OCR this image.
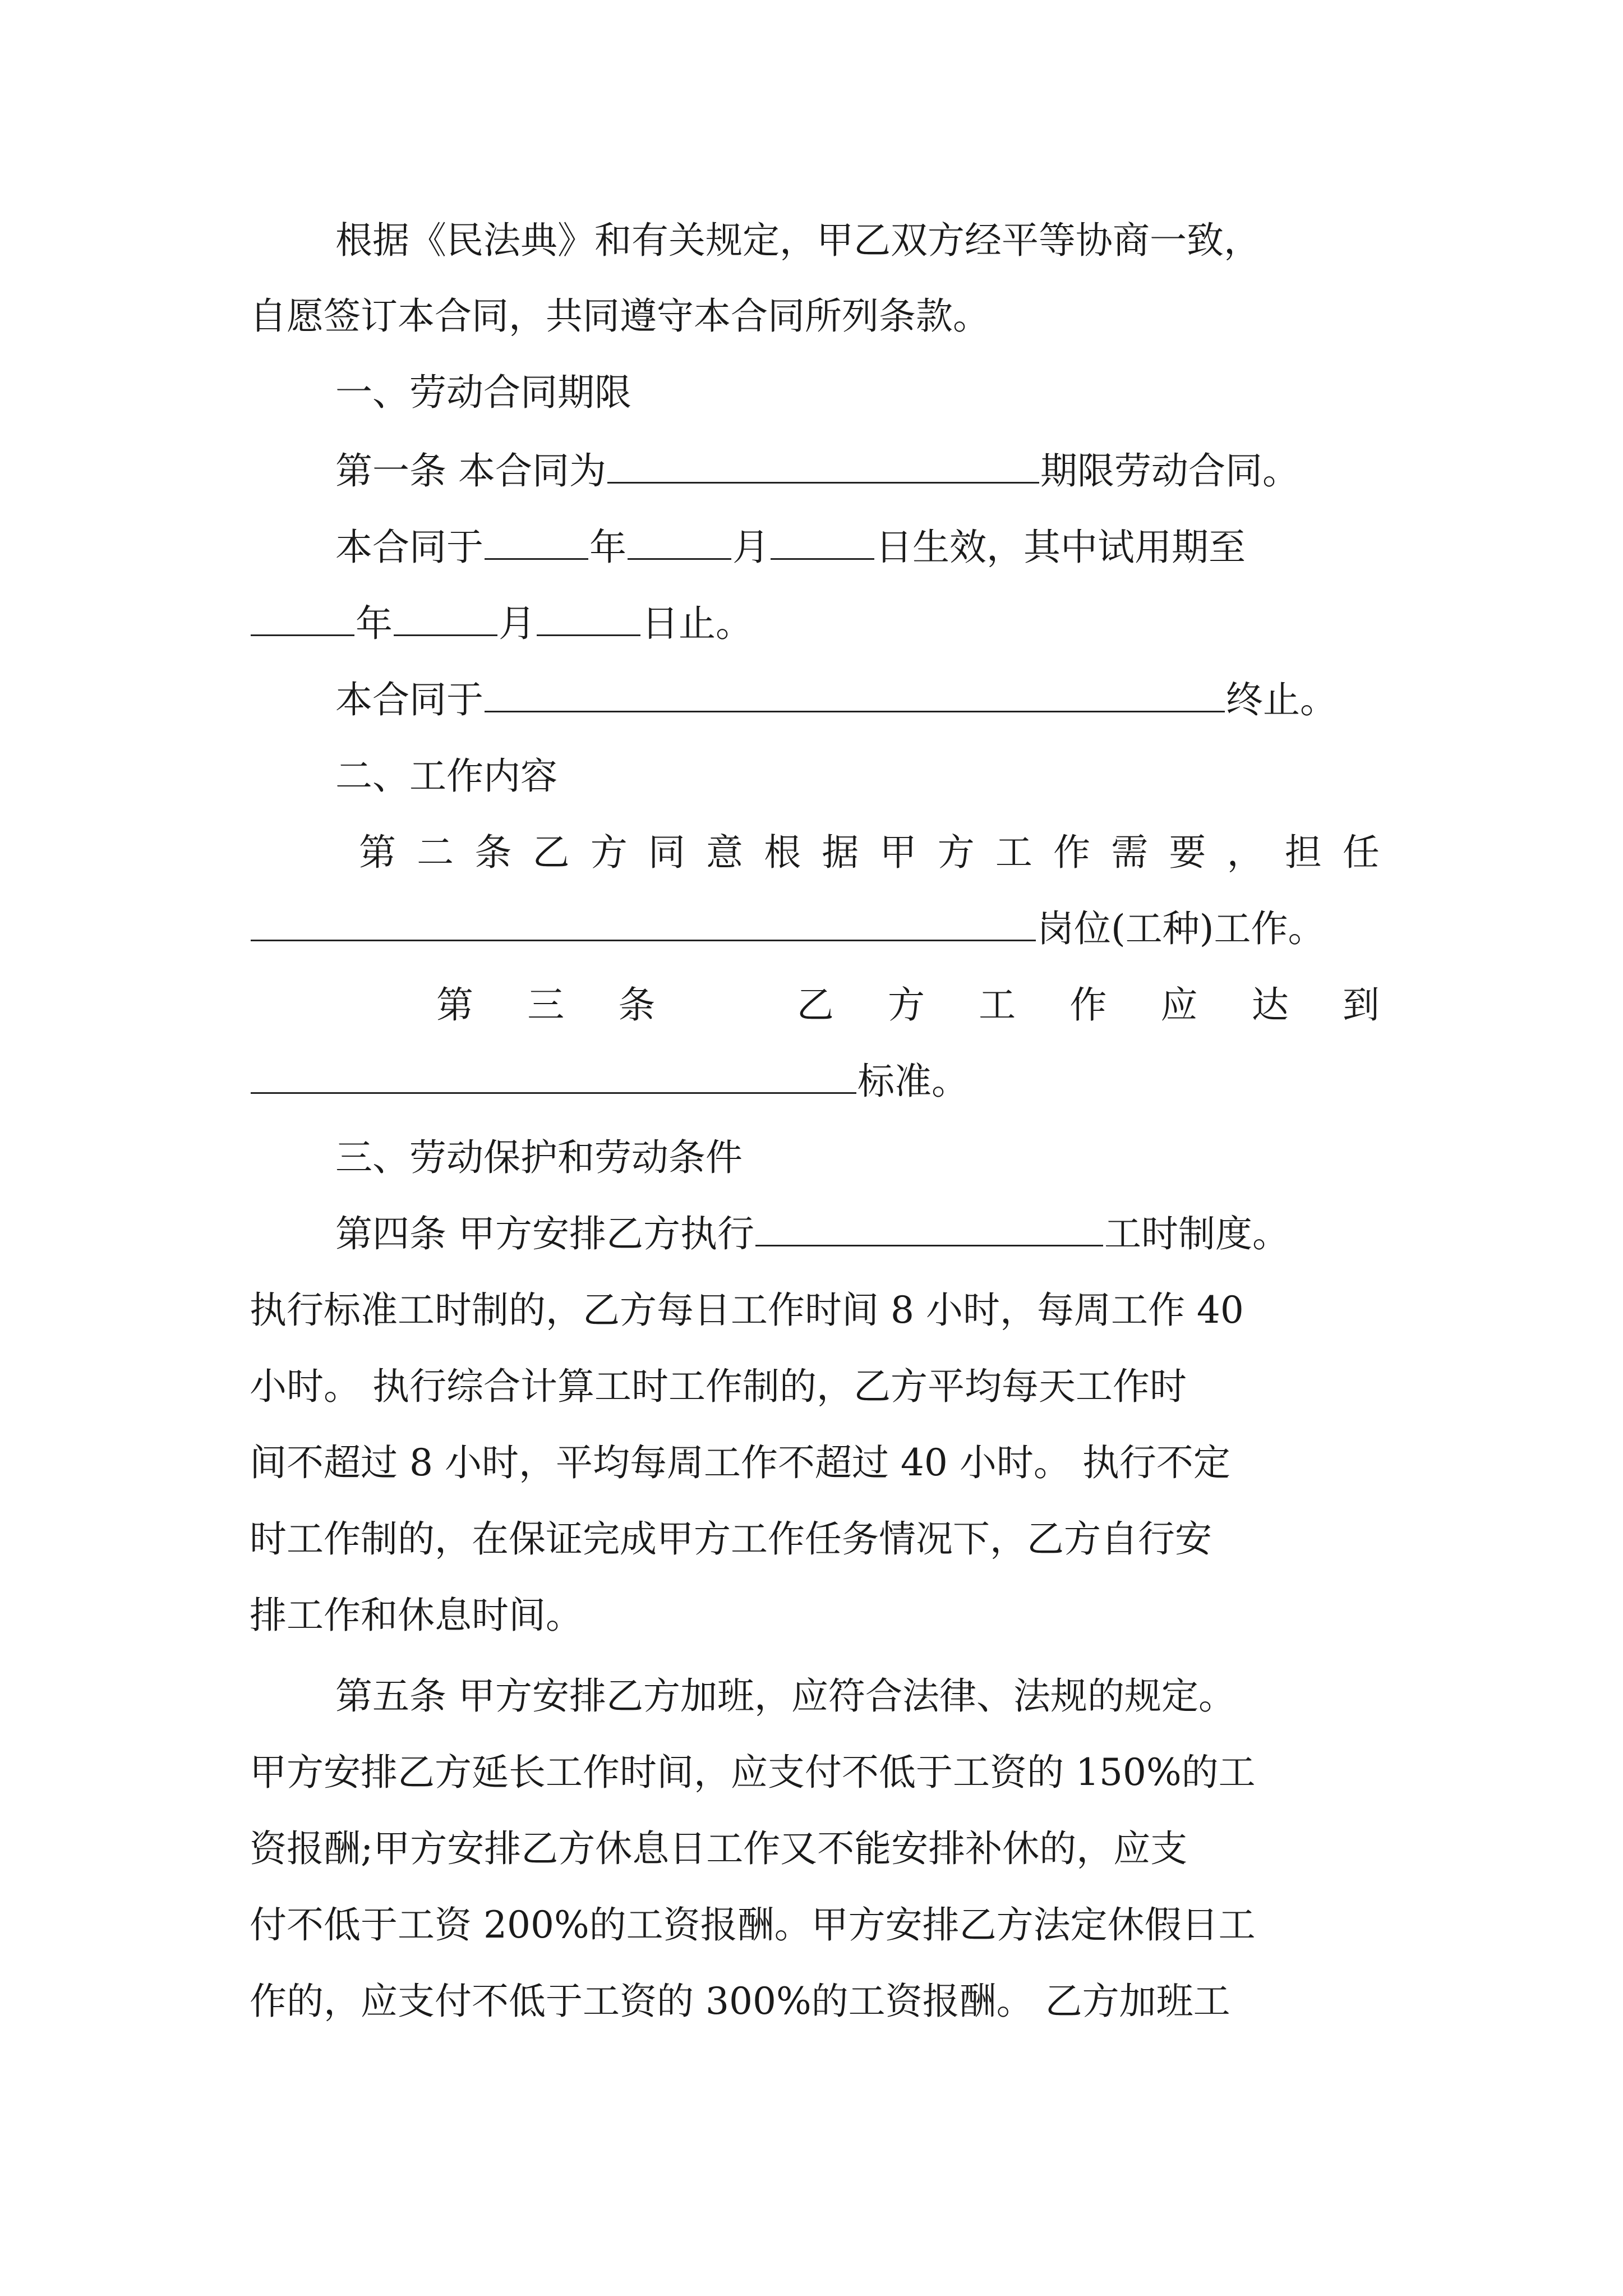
根据《民法典》和有关规定，甲乙双方经平等协商一致，
自愿签订本合同，共同遵守本合同所列条款。
一、劳动合同期限
第一条 本合同为	期限劳动合同。
本合同于	年	月	日生效，其中试用期至
年	月	日止。
本合同于	终止。
二、工作内容
第 二 条 乙 方 同 意 根 据 甲 方 工 作 需 要 ， 担 任
岗位(工种)工作。
第 三 条	乙 方 工 作 应 达 到
标准。
三、劳动保护和劳动条件
第四条 甲方安排乙方执行	工时制度。
执行标准工时制的，乙方每日工作时间 8 小时，每周工作 40
小时。 执行综合计算工时工作制的，乙方平均每天工作时
间不超过 8 小时，平均每周工作不超过 40 小时。 执行不定
时工作制的，在保证完成甲方工作任务情况下，乙方自行安
排工作和休息时间。
第五条 甲方安排乙方加班，应符合法律、法规的规定。
甲方安排乙方延长工作时间，应支付不低于工资的 150%的工
资报酬;甲方安排乙方休息日工作又不能安排补休的，应支
付不低于工资 200%的工资报酬。甲方安排乙方法定休假日工
作的，应支付不低于工资的 300%的工资报酬。 乙方加班工
